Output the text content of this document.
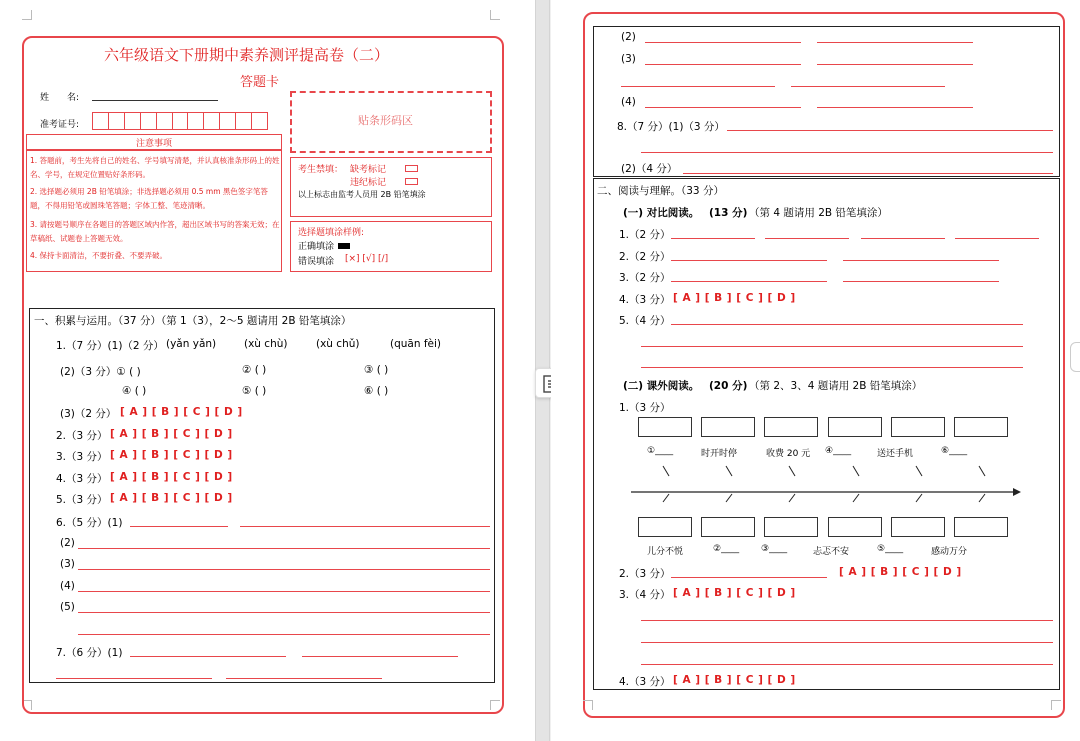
六年级语文下册期中素养测评提高卷（二）
答题卡
姓　　名:
准考证号:	贴条形码区
注意事项
1. 答题前，考生先将自己的姓名、学号填写清楚，并认真核准条形码上的姓名、学号，在规定位置贴好条形码。
2. 选择题必须用 2B 铅笔填涂；非选择题必须用 0.5 mm 黑色签字笔答题，不得用铅笔或圆珠笔答题；字体工整、笔迹清晰。
3. 请按题号顺序在各题目的答题区域内作答，超出区域书写的答案无效；在草稿纸、试题卷上答题无效。
4. 保持卡面清洁，不要折叠、不要弄破。
考生禁填： 缺考标记
违纪标记
以上标志由监考人员用 2B 铅笔填涂
选择题填涂样例:
正确填涂
错误填涂 [×] [√] [/]
一、积累与运用。（37 分）（第 1（3），2～5 题请用 2B 铅笔填涂）
1.（7 分）(1)（2 分） (yǎn yǎn)	(xù chù)	(xù chǔ)	(quān fèi)
(2)（3 分）① ( )	② ( )	③ ( )
④ ( )	⑤ ( )	⑥ ( )
(3)（2 分） [ A ] [ B ] [ C ] [ D ]
2.（3 分） [ A ] [ B ] [ C ] [ D ]
3.（3 分） [ A ] [ B ] [ C ] [ D ]
4.（3 分） [ A ] [ B ] [ C ] [ D ]
5.（3 分） [ A ] [ B ] [ C ] [ D ]
6.（5 分）(1)
(2)
(3)
(4)
(5)
7.（6 分）(1)
(2)
(3)
(4)
8.（7 分）(1)（3 分）
(2)（4 分）
二、阅读与理解。（33 分）
(一) 对比阅读。 (13 分) （第 4 题请用 2B 铅笔填涂）
1.（2 分）
2.（2 分）
3.（2 分）
4.（3 分） [ A ] [ B ] [ C ] [ D ]
5.（4 分）
(二) 课外阅读。 (20 分) （第 2、3、4 题请用 2B 铅笔填涂）
1.（3 分）
①____	时开时停	收费 20 元 ④____	送还手机	⑥____
儿分不悦	②____ ③____	忐忑不安	⑤____	感动万分
2.（3 分）	[ A ] [ B ] [ C ] [ D ]
3.（4 分） [ A ] [ B ] [ C ] [ D ]
4.（3 分） [ A ] [ B ] [ C ] [ D ]
